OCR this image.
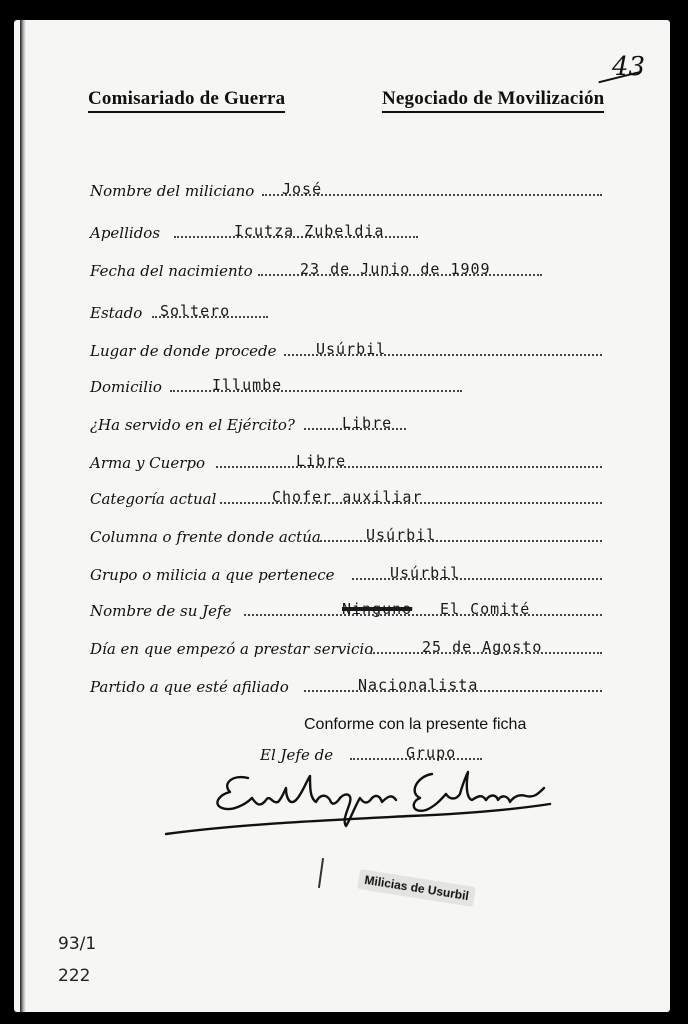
43
Comisariado de Guerra	Negociado de Movilización
Nombre del miliciano José
Apellidos	Icutza Zubeldia
Fecha del nacimiento	23 de Junio de 1909
Estado Soltero
Lugar de donde procede	Usúrbil
Domicilio	Illumbe
¿Ha servido en el Ejército?	Libre
Arma y Cuerpo	Libre
Categoría actual	Chofer auxiliar
Columna o frente donde actúa	Usúrbil
Grupo o milicia a que pertenece	Usúrbil
Nombre de su Jefe	Ninguno El Comité
Día en que empezó a prestar servicio	25 de Agosto
Partido a que esté afiliado	Nacionalista
Conforme con la presente ficha
El Jefe de	Grupo
Milicias de Usurbil
93/1
222
